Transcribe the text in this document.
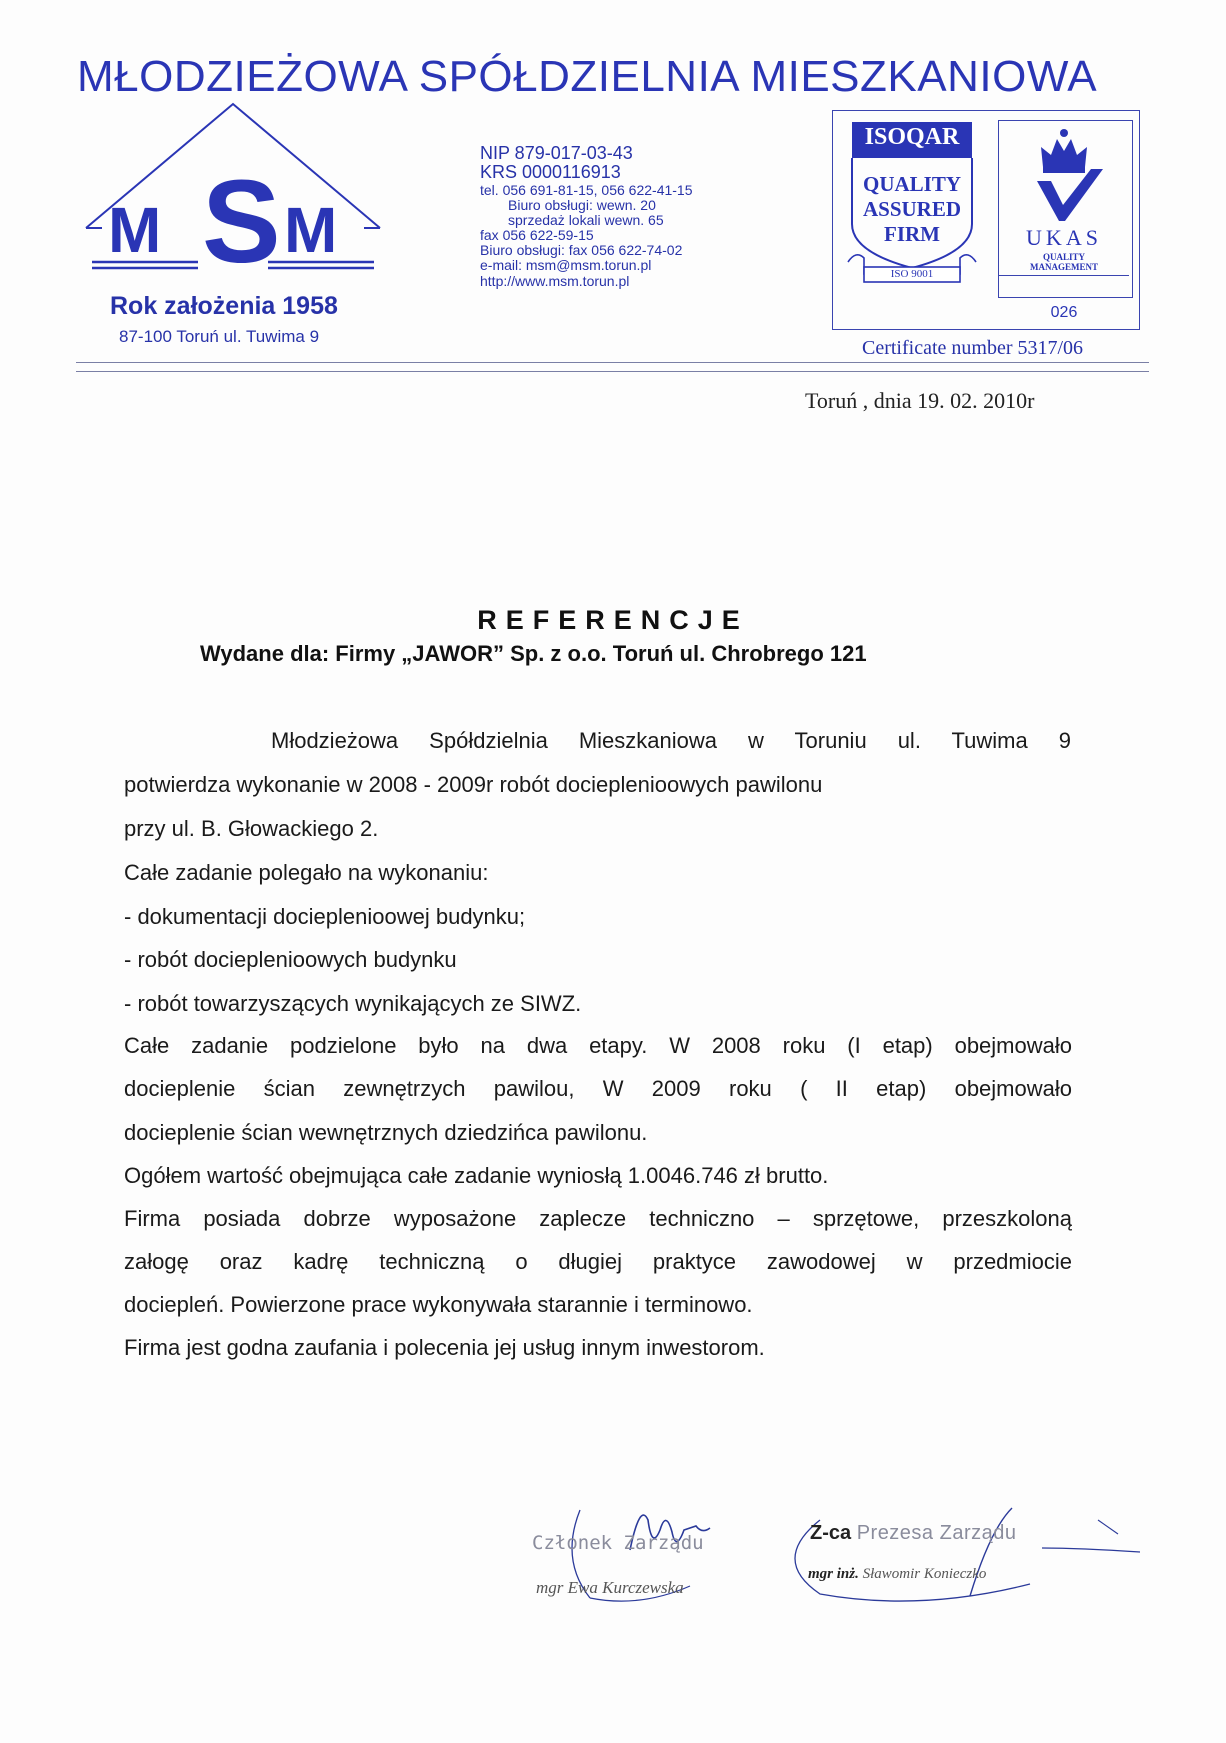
MŁODZIEŻOWA SPÓŁDZIELNIA MIESZKANIOWA
M S M
Rok założenia 1958
87-100 Toruń ul. Tuwima 9
NIP 879-017-03-43
KRS 0000116913
tel. 056 691-81-15, 056 622-41-15
Biuro obsługi: wewn. 20
sprzedaż lokali wewn. 65
fax 056 622-59-15
Biuro obsługi: fax 056 622-74-02
e-mail: msm@msm.torun.pl
http://www.msm.torun.pl
ISOQAR
QUALITY
ASSURED
FIRM
ISO 9001
UKAS
QUALITY
MANAGEMENT
026
Certificate number 5317/06
Toruń , dnia 19. 02. 2010r
REFERENCJE
Wydane dla: Firmy „JAWOR” Sp. z o.o. Toruń ul. Chrobrego 121
Młodzieżowa Spółdzielnia Mieszkaniowa w Toruniu ul. Tuwima 9
potwierdza wykonanie w 2008 - 2009r robót docieplenioowych pawilonu
przy ul. B. Głowackiego 2.
Całe zadanie polegało na wykonaniu:
- dokumentacji docieplenioowej budynku;
- robót docieplenioowych budynku
- robót towarzyszących wynikających ze SIWZ.
Całe zadanie podzielone było na dwa etapy. W 2008 roku (I etap) obejmowało
docieplenie ścian zewnętrzych pawilou, W 2009 roku ( II etap) obejmowało
docieplenie ścian wewnętrznych dziedzińca pawilonu.
Ogółem wartość obejmująca całe zadanie wyniosłą 1.0046.746 zł brutto.
Firma posiada dobrze wyposażone zaplecze techniczno – sprzętowe, przeszkoloną
załogę oraz kadrę techniczną o długiej praktyce zawodowej w przedmiocie
dociepleń. Powierzone prace wykonywała starannie i terminowo.
Firma jest godna zaufania i polecenia jej usług innym inwestorom.
Członek Zarządu
mgr Ewa Kurczewska
Z-ca Prezesa Zarządu
mgr inż. Sławomir Konieczko
